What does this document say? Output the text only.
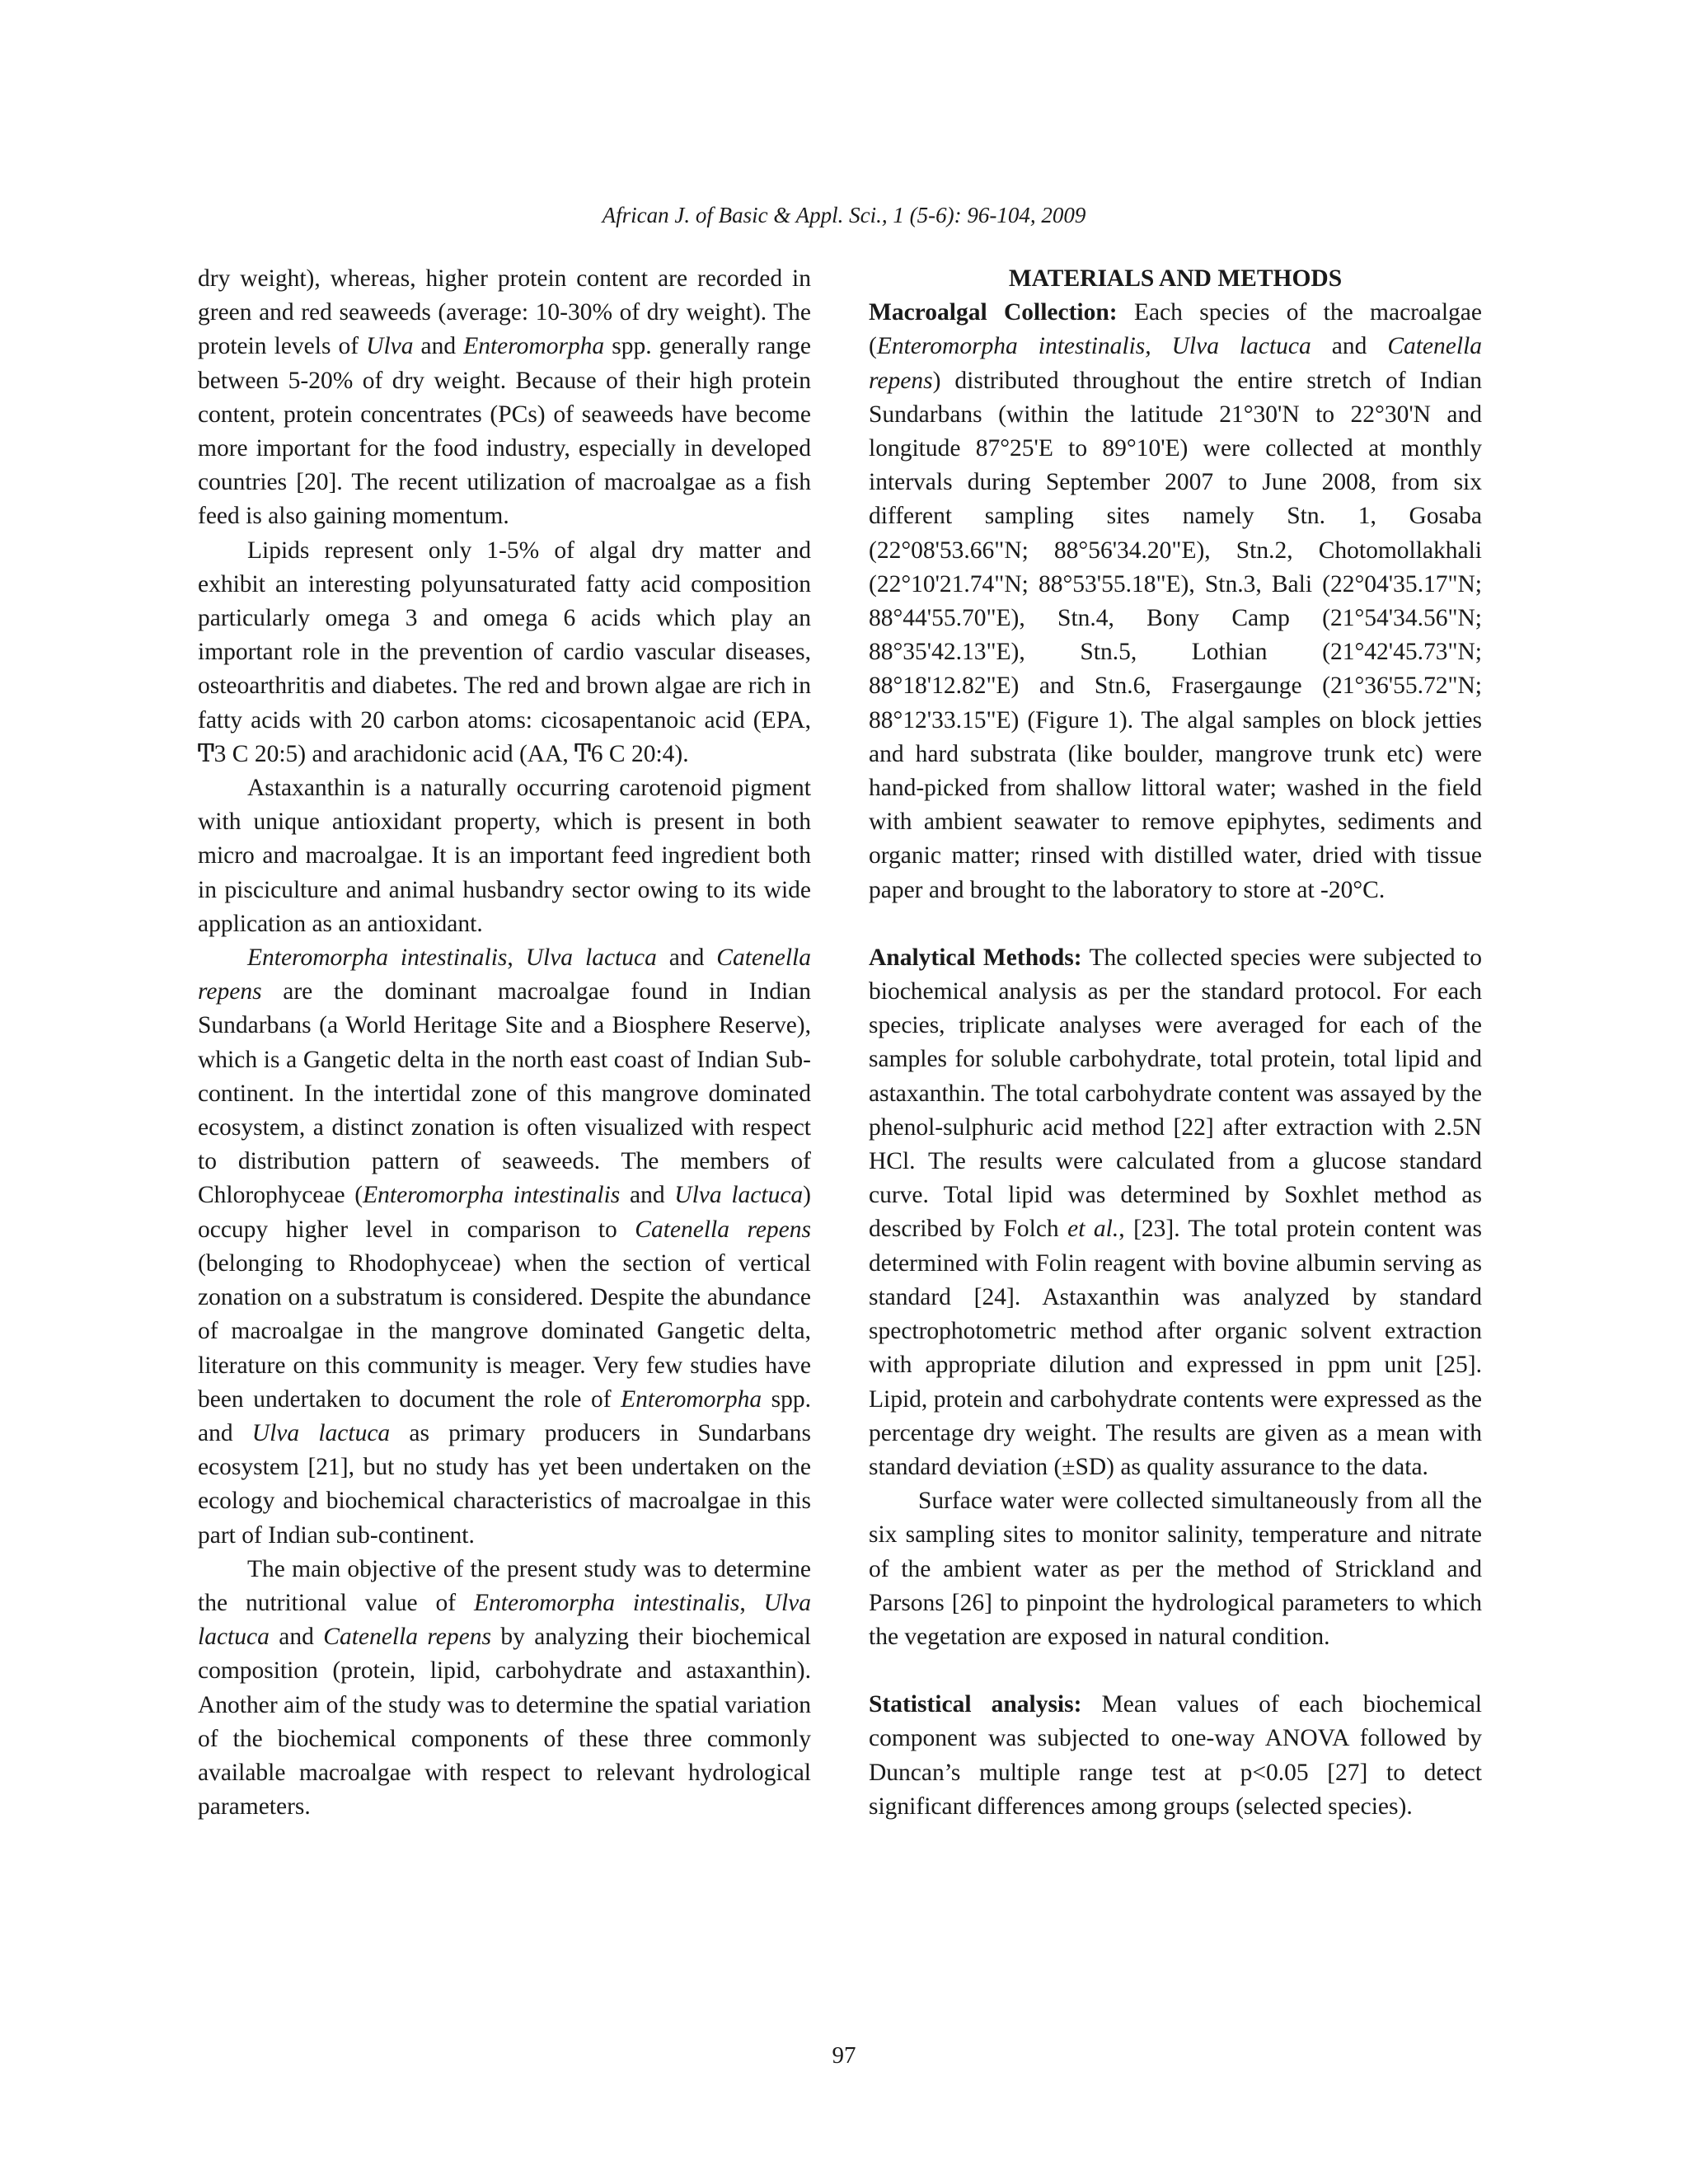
African J. of Basic & Appl. Sci., 1 (5-6): 96-104, 2009

dry weight), whereas, higher protein content are recorded in green and red seaweeds (average: 10-30% of dry weight). The protein levels of Ulva and Enteromorpha spp. generally range between 5-20% of dry weight. Because of their high protein content, protein concentrates (PCs) of seaweeds have become more important for the food industry, especially in developed countries [20]. The recent utilization of macroalgae as a fish feed is also gaining momentum.

Lipids represent only 1-5% of algal dry matter and exhibit an interesting polyunsaturated fatty acid composition particularly omega 3 and omega 6 acids which play an important role in the prevention of cardio vascular diseases, osteoarthritis and diabetes. The red and brown algae are rich in fatty acids with 20 carbon atoms: cicosapentanoic acid (EPA, Ͳ3 C 20:5) and arachidonic acid (AA, Ͳ6 C 20:4).

Astaxanthin is a naturally occurring carotenoid pigment with unique antioxidant property, which is present in both micro and macroalgae. It is an important feed ingredient both in pisciculture and animal husbandry sector owing to its wide application as an antioxidant.

Enteromorpha intestinalis, Ulva lactuca and Catenella repens are the dominant macroalgae found in Indian Sundarbans (a World Heritage Site and a Biosphere Reserve), which is a Gangetic delta in the north east coast of Indian Sub-continent. In the intertidal zone of this mangrove dominated ecosystem, a distinct zonation is often visualized with respect to distribution pattern of seaweeds. The members of Chlorophyceae (Enteromorpha intestinalis and Ulva lactuca) occupy higher level in comparison to Catenella repens (belonging to Rhodophyceae) when the section of vertical zonation on a substratum is considered. Despite the abundance of macroalgae in the mangrove dominated Gangetic delta, literature on this community is meager. Very few studies have been undertaken to document the role of Enteromorpha spp. and Ulva lactuca as primary producers in Sundarbans ecosystem [21], but no study has yet been undertaken on the ecology and biochemical characteristics of macroalgae in this part of Indian sub-continent.

The main objective of the present study was to determine the nutritional value of Enteromorpha intestinalis, Ulva lactuca and Catenella repens by analyzing their biochemical composition (protein, lipid, carbohydrate and astaxanthin). Another aim of the study was to determine the spatial variation of the biochemical components of these three commonly available macroalgae with respect to relevant hydrological parameters.

MATERIALS AND METHODS

Macroalgal Collection: Each species of the macroalgae (Enteromorpha intestinalis, Ulva lactuca and Catenella repens) distributed throughout the entire stretch of Indian Sundarbans (within the latitude 21°30'N to 22°30'N and longitude 87°25'E to 89°10'E) were collected at monthly intervals during September 2007 to June 2008, from six different sampling sites namely Stn. 1, Gosaba (22°08'53.66"N; 88°56'34.20"E), Stn.2, Chotomollakhali (22°10'21.74"N; 88°53'55.18"E), Stn.3, Bali (22°04'35.17"N; 88°44'55.70"E), Stn.4, Bony Camp (21°54'34.56"N; 88°35'42.13"E), Stn.5, Lothian (21°42'45.73"N; 88°18'12.82"E) and Stn.6, Frasergaunge (21°36'55.72"N; 88°12'33.15"E) (Figure 1). The algal samples on block jetties and hard substrata (like boulder, mangrove trunk etc) were hand-picked from shallow littoral water; washed in the field with ambient seawater to remove epiphytes, sediments and organic matter; rinsed with distilled water, dried with tissue paper and brought to the laboratory to store at -20°C.

Analytical Methods: The collected species were subjected to biochemical analysis as per the standard protocol. For each species, triplicate analyses were averaged for each of the samples for soluble carbohydrate, total protein, total lipid and astaxanthin. The total carbohydrate content was assayed by the phenol-sulphuric acid method [22] after extraction with 2.5N HCl. The results were calculated from a glucose standard curve. Total lipid was determined by Soxhlet method as described by Folch et al., [23]. The total protein content was determined with Folin reagent with bovine albumin serving as standard [24]. Astaxanthin was analyzed by standard spectrophotometric method after organic solvent extraction with appropriate dilution and expressed in ppm unit [25]. Lipid, protein and carbohydrate contents were expressed as the percentage dry weight. The results are given as a mean with standard deviation (±SD) as quality assurance to the data.

Surface water were collected simultaneously from all the six sampling sites to monitor salinity, temperature and nitrate of the ambient water as per the method of Strickland and Parsons [26] to pinpoint the hydrological parameters to which the vegetation are exposed in natural condition.

Statistical analysis: Mean values of each biochemical component was subjected to one-way ANOVA followed by Duncan’s multiple range test at p<0.05 [27] to detect significant differences among groups (selected species).

97
